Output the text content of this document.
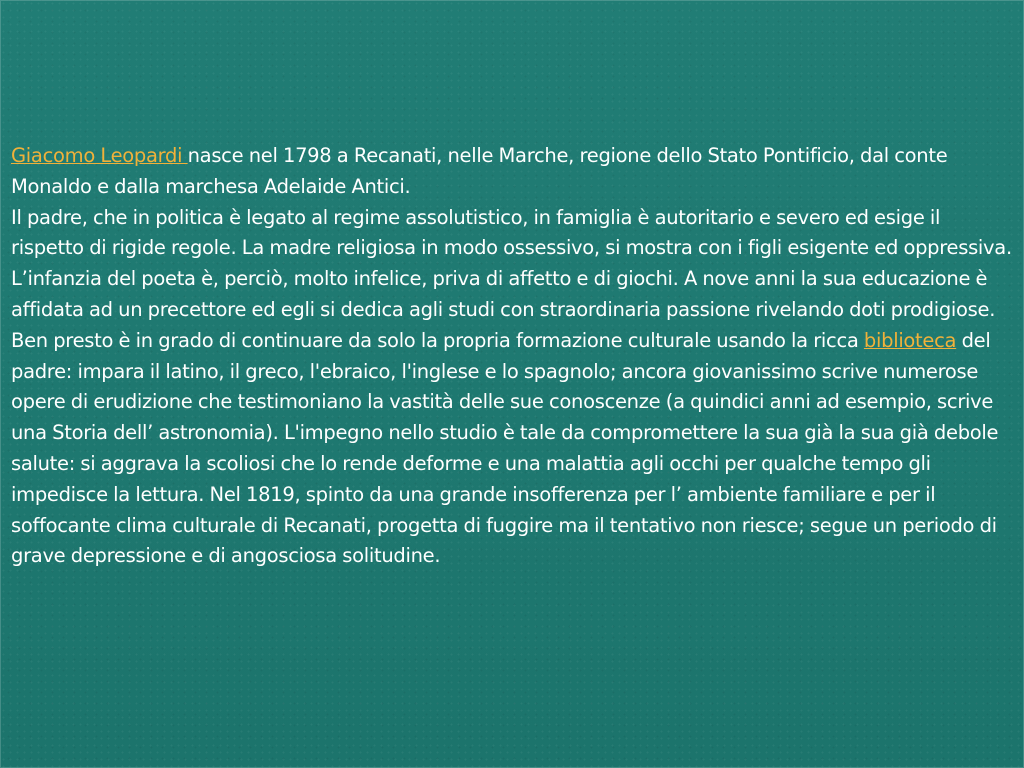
Giacomo Leopardi nasce nel 1798 a Recanati, nelle Marche, regione dello Stato Pontificio, dal conte Monaldo e dalla marchesa Adelaide Antici.

Il padre, che in politica è legato al regime assolutistico, in famiglia è autoritario e severo ed esige il rispetto di rigide regole. La madre religiosa in modo ossessivo, si mostra con i figli esigente ed oppressiva. L’infanzia del poeta è, perciò, molto infelice, priva di affetto e di giochi. A nove anni la sua educazione è affidata ad un precettore ed egli si dedica agli studi con straordinaria passione rivelando doti prodigiose. Ben presto è in grado di continuare da solo la propria formazione culturale usando la ricca biblioteca del padre: impara il latino, il greco, l'ebraico, l'inglese e lo spagnolo; ancora giovanissimo scrive numerose opere di erudizione che testimoniano la vastità delle sue conoscenze (a quindici anni ad esempio, scrive una Storia dell’ astronomia). L'impegno nello studio è tale da compromettere la sua già la sua già debole salute: si aggrava la scoliosi che lo rende deforme e una malattia agli occhi per qualche tempo gli impedisce la lettura. Nel 1819, spinto da una grande insofferenza per l’ ambiente familiare e per il soffocante clima culturale di Recanati, progetta di fuggire ma il tentativo non riesce; segue un periodo di grave depressione e di angosciosa solitudine.
